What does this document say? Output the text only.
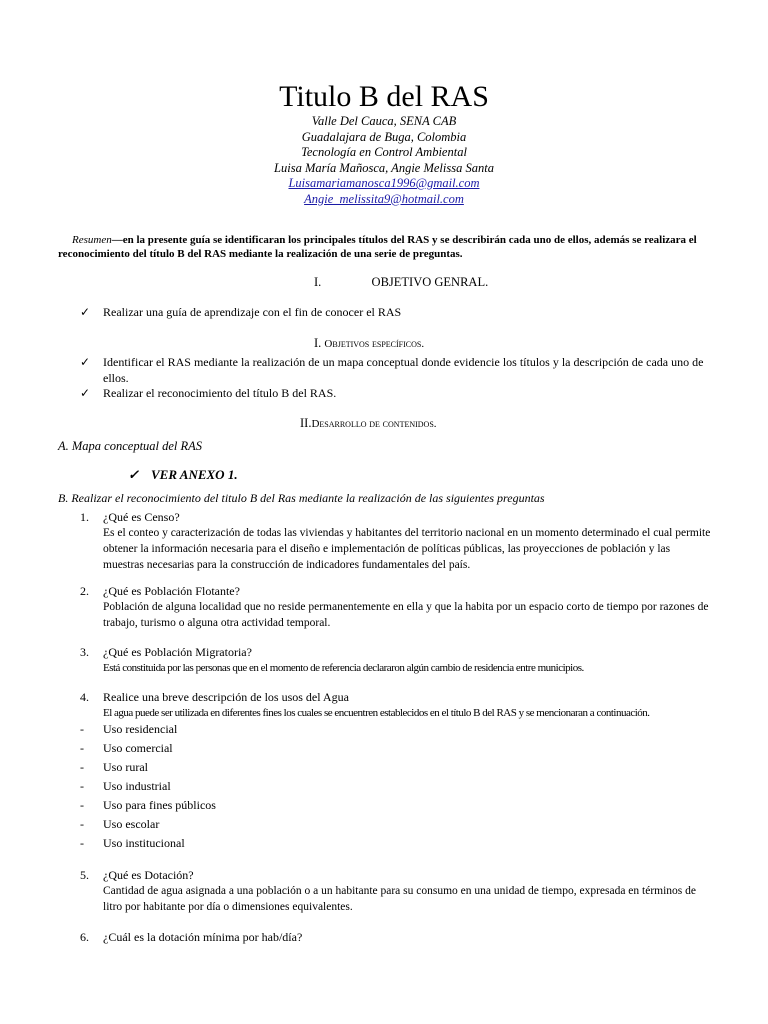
Titulo B del RAS
Valle Del Cauca, SENA CAB
Guadalajara de Buga, Colombia
Tecnología en Control Ambiental
Luisa María Mañosca, Angie Melissa Santa
Luisamariamanosca1996@gmail.com
Angie_melissita9@hotmail.com
Resumen—en la presente guía se identificaran los principales títulos del RAS y se describirán cada uno de ellos, además se realizara el reconocimiento del título B del RAS mediante la realización de una serie de preguntas.
I.	OBJETIVO GENRAL.
✓	Realizar una guía de aprendizaje con el fin de conocer el RAS
I. Objetivos específicos.
✓	Identificar el RAS mediante la realización de un mapa conceptual donde evidencie los títulos y la descripción de cada uno de ellos.
✓	Realizar el reconocimiento del título B del RAS.
II.Desarrollo de contenidos.
A. Mapa conceptual del RAS
✓ VER ANEXO 1.
B. Realizar el reconocimiento del titulo B del Ras mediante la realización de las siguientes preguntas
1. ¿Qué es Censo?
Es el conteo y caracterización de todas las viviendas y habitantes del territorio nacional en un momento determinado el cual permite obtener la información necesaria para el diseño e implementación de políticas públicas, las proyecciones de población y las muestras necesarias para la construcción de indicadores fundamentales del país.
2. ¿Qué es Población Flotante?
Población de alguna localidad que no reside permanentemente en ella y que la habita por un espacio corto de tiempo por razones de trabajo, turismo o alguna otra actividad temporal.
3. ¿Qué es Población Migratoria?
Está constituida por las personas que en el momento de referencia declararon algún cambio de residencia entre municipios.
4. Realice una breve descripción de los usos del Agua
El agua puede ser utilizada en diferentes fines los cuales se encuentren establecidos en el título B del RAS y se mencionaran a continuación.
- Uso residencial
- Uso comercial
- Uso rural
- Uso industrial
- Uso para fines públicos
- Uso escolar
- Uso institucional
5. ¿Qué es Dotación?
Cantidad de agua asignada a una población o a un habitante para su consumo en una unidad de tiempo, expresada en términos de litro por habitante por día o dimensiones equivalentes.
6. ¿Cuál es la dotación mínima por hab/día?
